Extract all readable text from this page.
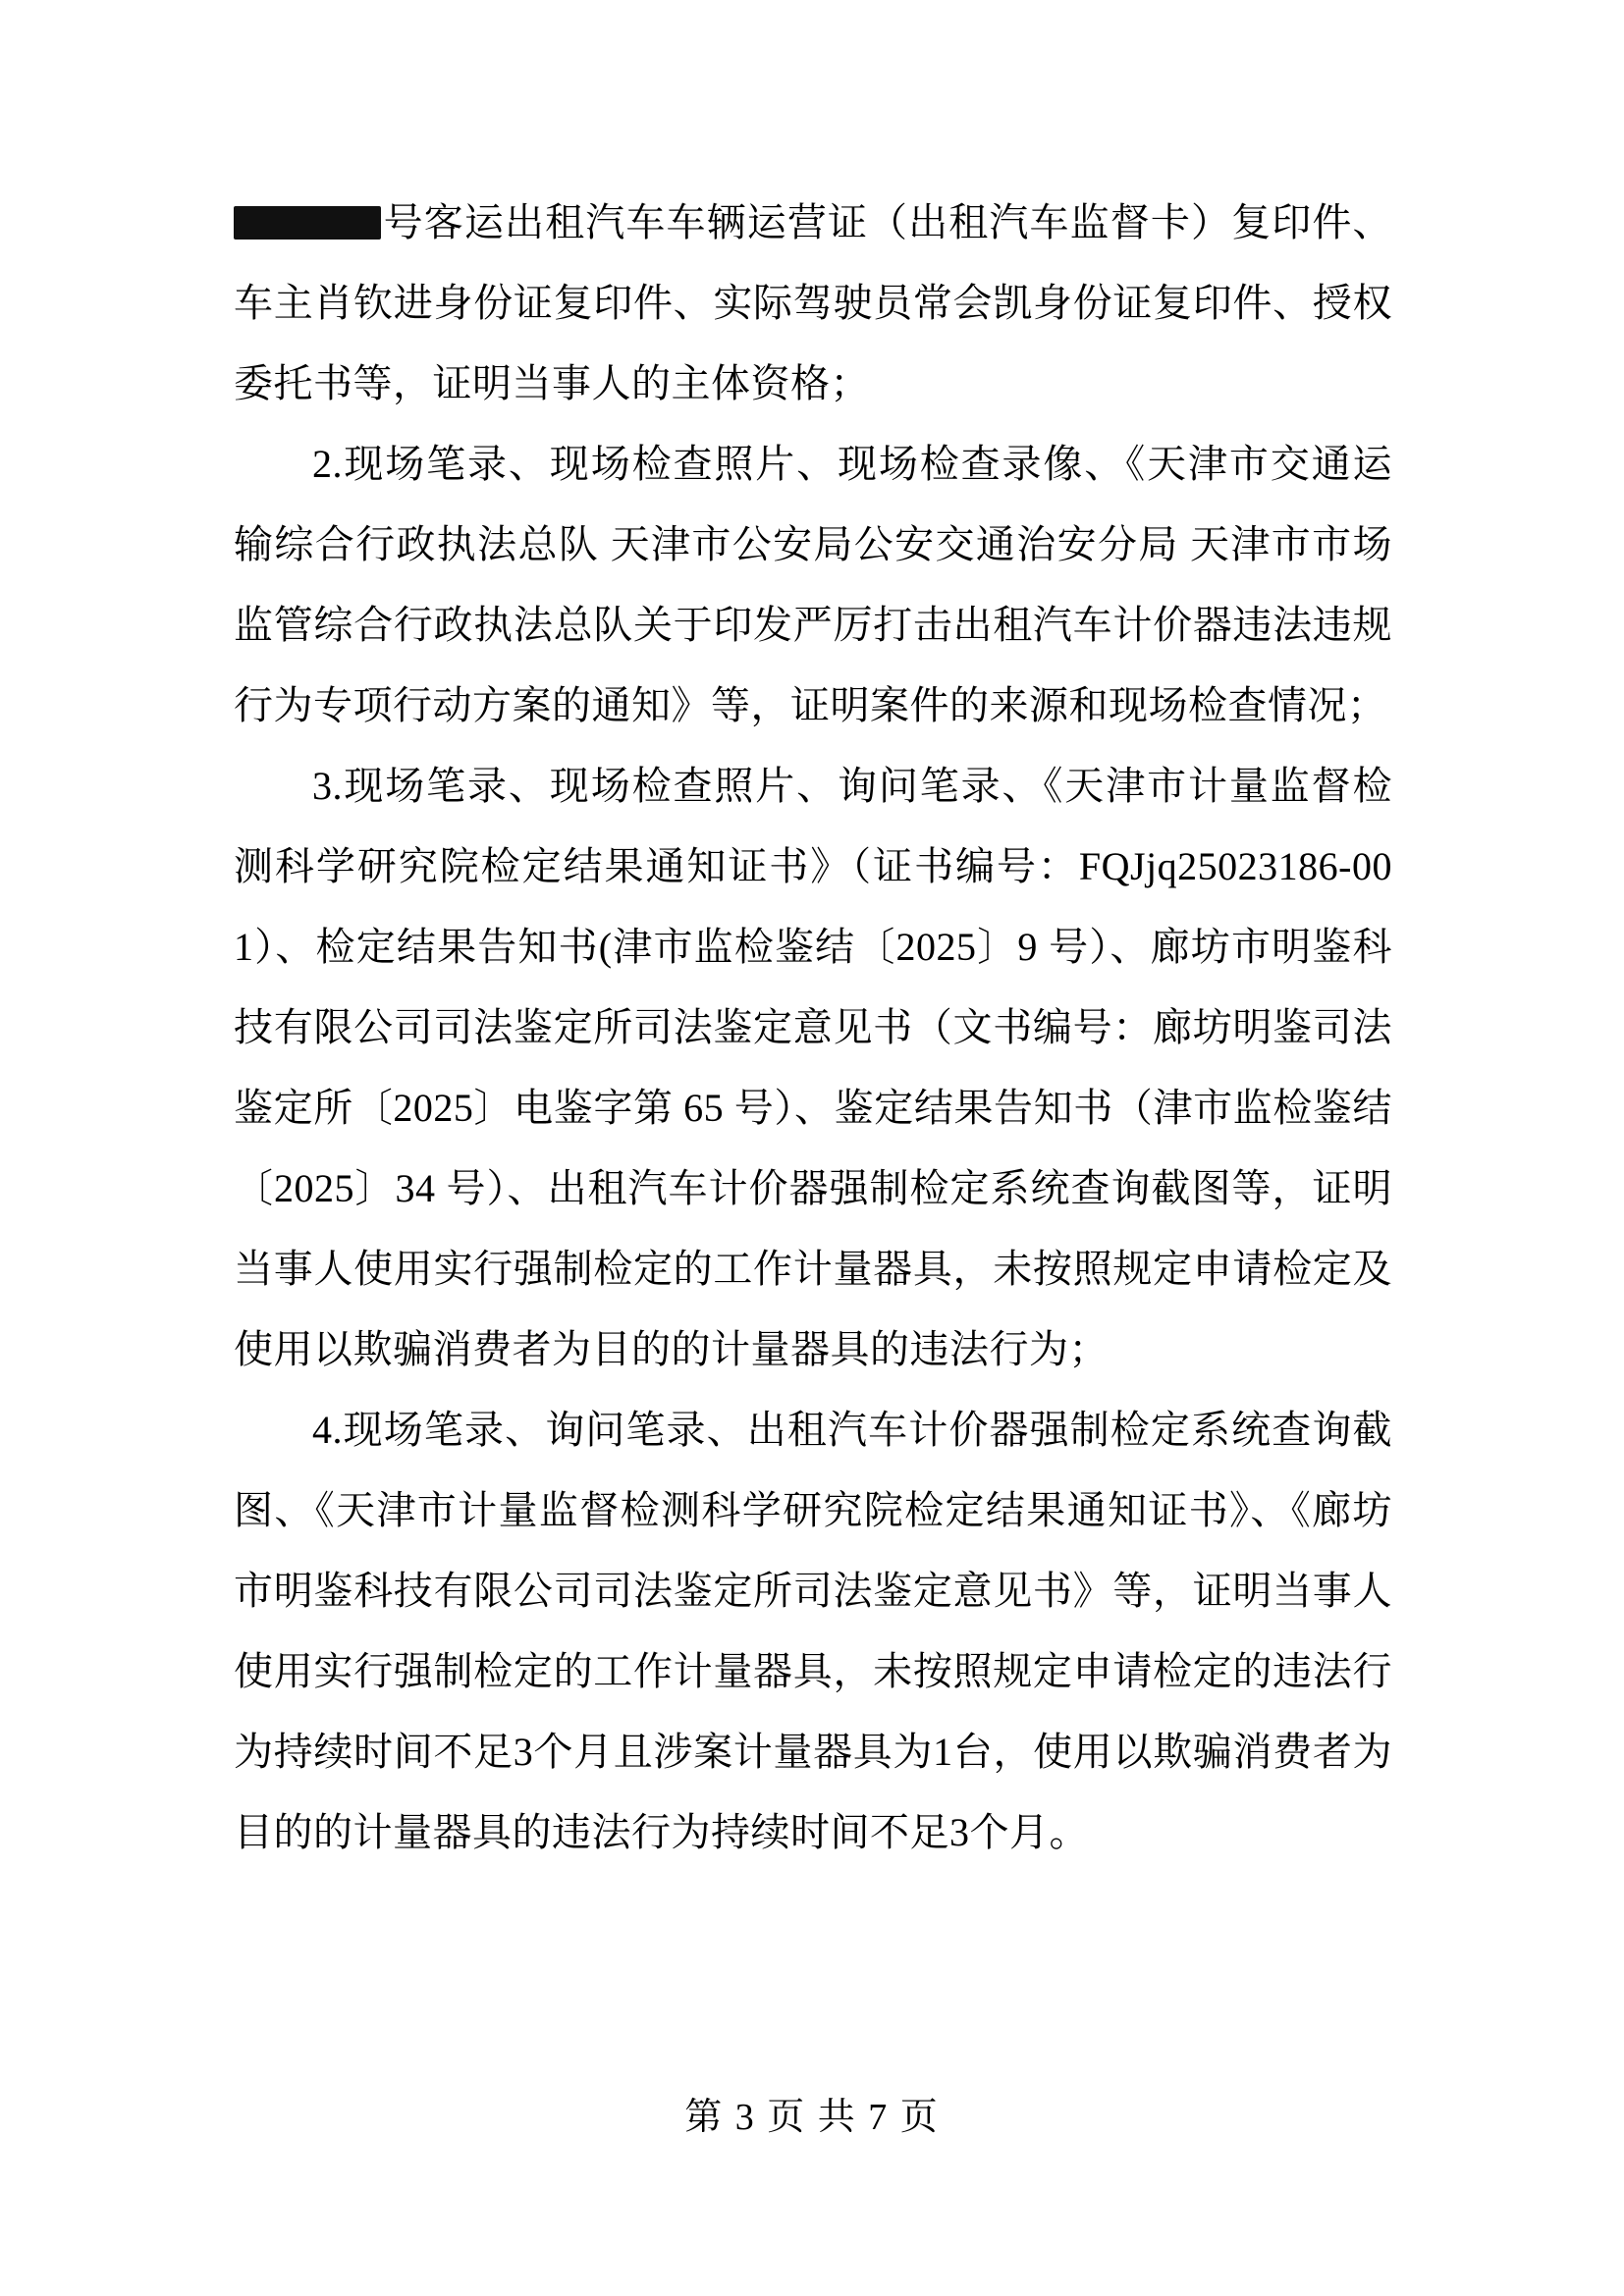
号客运出租汽车车辆运营证（出租汽车监督卡）复印件、车主肖钦进身份证复印件、实际驾驶员常会凯身份证复印件、授权委托书等，证明当事人的主体资格；

2.现场笔录、现场检查照片、现场检查录像、《天津市交通运输综合行政执法总队 天津市公安局公安交通治安分局 天津市市场监管综合行政执法总队关于印发严厉打击出租汽车计价器违法违规行为专项行动方案的通知》等，证明案件的来源和现场检查情况；

3.现场笔录、现场检查照片、询问笔录、《天津市计量监督检测科学研究院检定结果通知证书》（证书编号：FQJjq25023186-001）、检定结果告知书(津市监检鉴结〔2025〕9 号）、廊坊市明鉴科技有限公司司法鉴定所司法鉴定意见书（文书编号：廊坊明鉴司法鉴定所〔2025〕电鉴字第 65 号）、鉴定结果告知书（津市监检鉴结〔2025〕34 号）、出租汽车计价器强制检定系统查询截图等，证明当事人使用实行强制检定的工作计量器具，未按照规定申请检定及使用以欺骗消费者为目的的计量器具的违法行为；

4.现场笔录、询问笔录、出租汽车计价器强制检定系统查询截图、《天津市计量监督检测科学研究院检定结果通知证书》、《廊坊市明鉴科技有限公司司法鉴定所司法鉴定意见书》等，证明当事人使用实行强制检定的工作计量器具，未按照规定申请检定的违法行为持续时间不足3个月且涉案计量器具为1台，使用以欺骗消费者为目的的计量器具的违法行为持续时间不足3个月。

第 3 页 共 7 页
